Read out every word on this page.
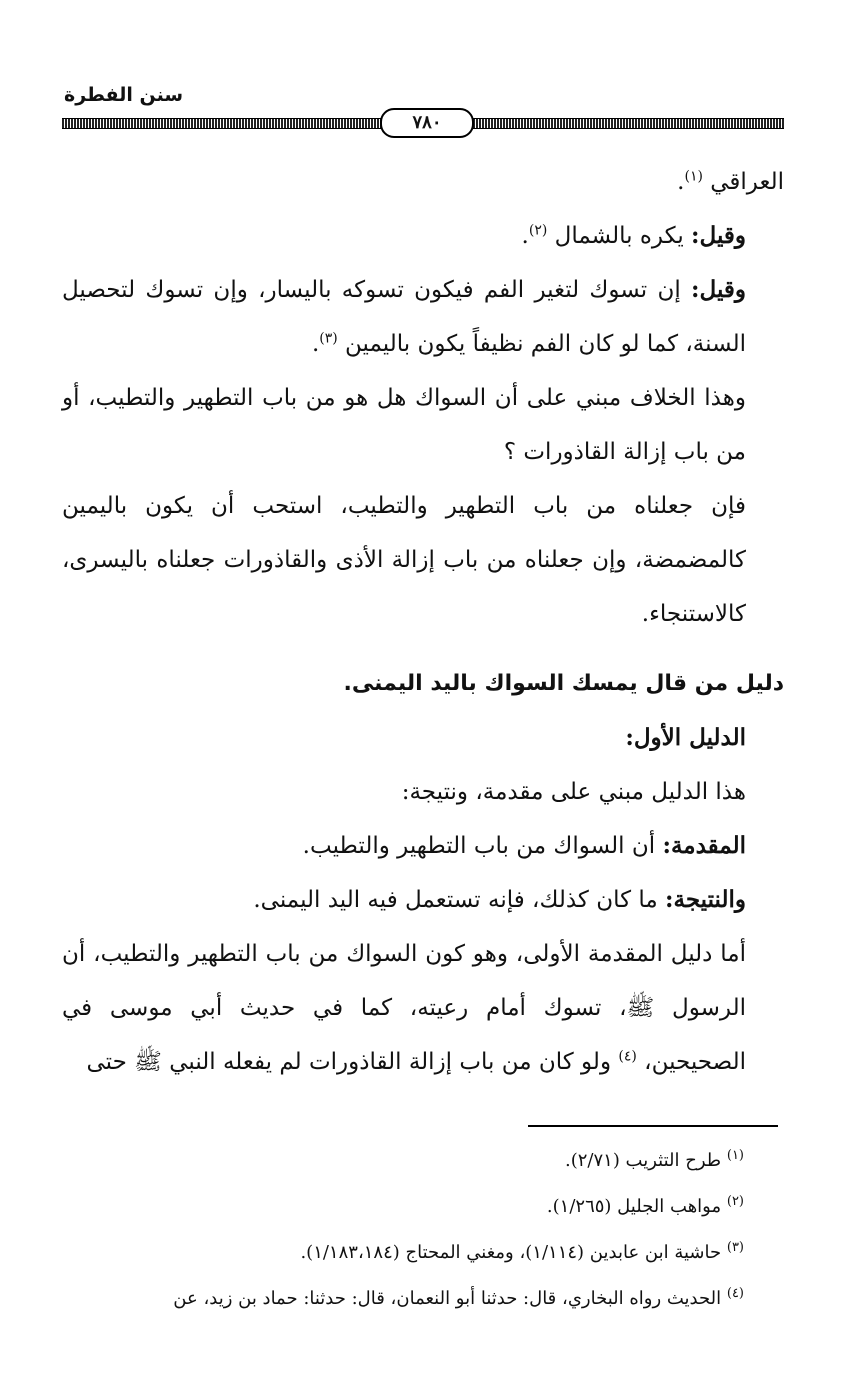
سنن الفطرة
٧٨٠

العراقي $^{(١)}$.

وقيل: يكره بالشمال $^{(٢)}$.

وقيل: إن تسوك لتغير الفم فيكون تسوكه باليسار، وإن تسوك لتحصيل السنة، كما لو كان الفم نظيفاً يكون باليمين $^{(٣)}$.

وهذا الخلاف مبني على أن السواك هل هو من باب التطهير والتطيب، أو من باب إزالة القاذورات ؟

فإن جعلناه من باب التطهير والتطيب، استحب أن يكون باليمين كالمضمضة، وإن جعلناه من باب إزالة الأذى والقاذورات جعلناه باليسرى، كالاستنجاء.

دليل من قال يمسك السواك باليد اليمنى.

الدليل الأول:

هذا الدليل مبني على مقدمة، ونتيجة:

المقدمة: أن السواك من باب التطهير والتطيب.

والنتيجة: ما كان كذلك، فإنه تستعمل فيه اليد اليمنى.

أما دليل المقدمة الأولى، وهو كون السواك من باب التطهير والتطيب، أن الرسول ﷺ، تسوك أمام رعيته، كما في حديث أبي موسى في الصحيحين، $^{(٤)}$ ولو كان من باب إزالة القاذورات لم يفعله النبي ﷺ حتى

$^{(١)}$ طرح التثريب (٢/٧١).

$^{(٢)}$ مواهب الجليل (١/٢٦٥).

$^{(٣)}$ حاشية ابن عابدين (١/١١٤)، ومغني المحتاج (١/١٨٣،١٨٤).

$^{(٤)}$ الحديث رواه البخاري، قال: حدثنا أبو النعمان، قال: حدثنا: حماد بن زيد، عن
